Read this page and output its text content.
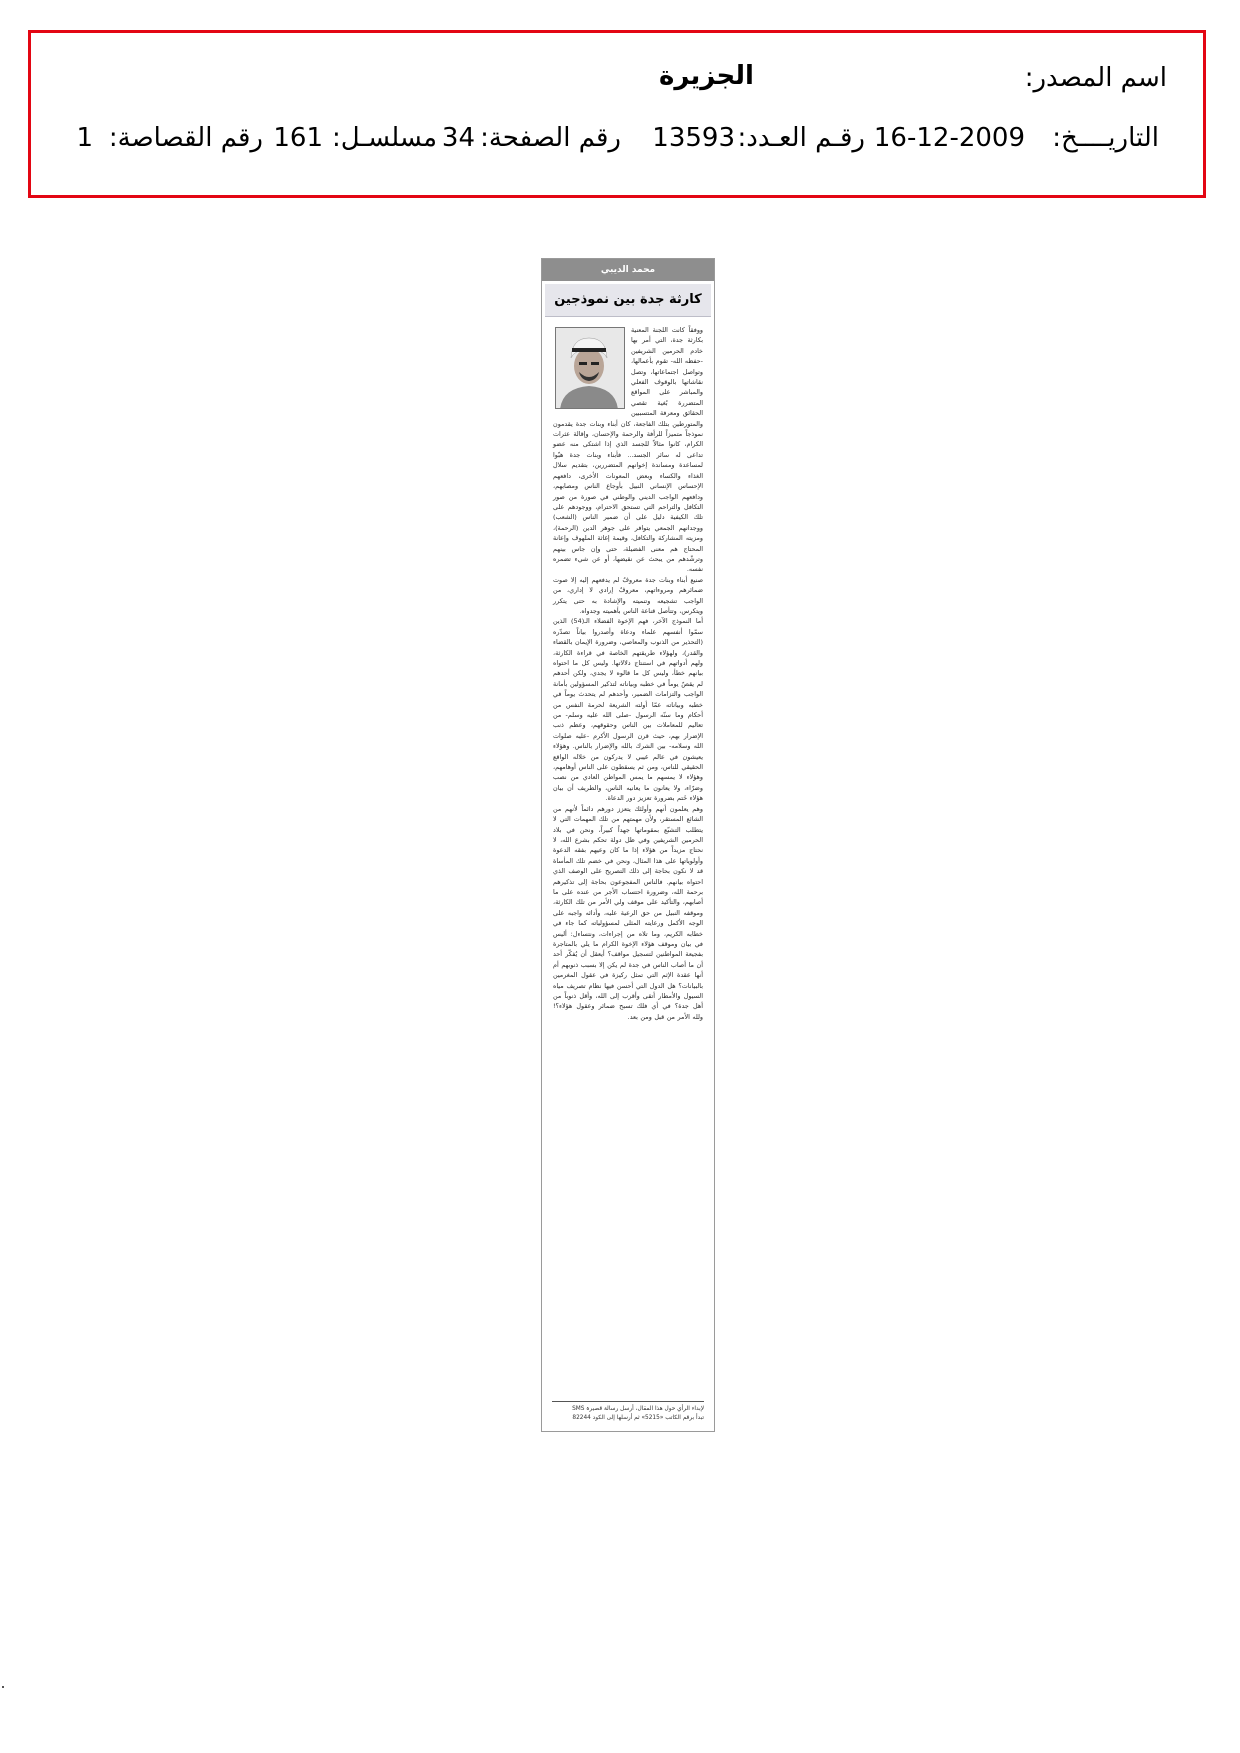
اسم المصدر:
الجزيرة
التاريــــخ:
16-12-2009
رقـم العـدد:
13593
رقم الصفحة:
34
مسلسـل:
161
رقم القصاصة:
1
محمد الديبي
كارثة جدة بين نموذجين

ووفقاً كانت اللجنة المعنية بكارثة جدة، التي أمر بها خادم الحرمين الشريفين -حفظه الله- تقوم بأعمالها، وتواصل اجتماعاتها، وتصل نقاشاتها بالوقوف الفعلي والمباشر على المواقع المتضررة بُغية تقصي الحقائق ومعرفة المتسببين والمتورطين بتلك الفاجعة، كان أبناء وبنات جدة يقدمون نموذجاً متميزاً للرأفة والرحمة والإحسان، وإقالة عثرات الكرام، كانوا مثالاً للجسد الذي إذا اشتكى منه عضو تداعى له سائر الجسد... فأبناء وبنات جدة هبّوا لمساعدة ومساندة إخوانهم المتضررين، بتقديم سلال الغذاء والكساء وبعض المعونات الأخرى، دافعهم الإحساس الإنساني النبيل بأوجاع الناس ومصابهم، ودافعهم الواجب الديني والوطني في صورة من صور التكافل والتراحم التي تستحق الاحترام، ووجودهم على تلك الكيفية دليل على أن ضمير الناس (الشعب) ووجدانهم الجمعي يتوافر على جوهر الدين (الرحمة)، ومزيته المشاركة والتكافل، وقيمة إغاثة الملهوف وإعانة المحتاج هم معنى الفضيلة، حتى وإن جاس بينهم وترشّدهم من يبحث عن نقيضها، أو عن شيء تضمره نفسه.

صنيع أبناء وبنات جدة معروفٌ لم يدفعهم إليه إلا صوت ضمائرهم ومروءاتهم، معروفٌ إرادي لا إداري، من الواجب تشجيعه وتنميته والإشادة به حتى يتكرر ويتكرس، وتتأصل قناعة الناس بأهميته وجدواه.

أما النموذج الآخر، فهم الإخوة الفضلاء الـ(54) الذين سمّوا أنفسهم علماء ودعاة وأصدروا بياناً تصدّره (التحذير من الذنوب والمعاصي، وضرورة الإيمان بالقضاء والقدر)، ولهؤلاء طريقتهم الخاصة في قراءة الكارثة، ولهم أدواتهم في استنتاج دلالاتها. وليس كل ما احتواه بيانهم خطأ، وليس كل ما قالوه لا يجدي، ولكن أحدهم لم يقصّ يوماً في خطبه وبياناته لتذكير المسؤولين بأمانة الواجب والتزامات الضمير، وأحدهم لم يتحدث يوماً في خطبه وبياناته عمّا أولته الشريعة لحرمة النفس من أحكام وما سنّه الرسول -صلى الله عليه وسلم- من تعاليم للمعاملات بين الناس وحقوقهم، وعظم ذنب الإضرار بهم، حيث قرن الرسول الأكرم -عليه صلوات الله وسلامه- بين الشرك بالله والإضرار بالناس. وهؤلاء يعيشون في عالم غيبي لا يدركون من خلاله الواقع الحقيقي للناس، ومن ثم يسقطون على الناس أوهامهم، وهؤلاء لا يمسهم ما يمس المواطن العادي من نصب وضرّاء، ولا يعانون ما يعانيه الناس، والطريف أن بيان هؤلاء خَتم بضرورة تعزيز دور الدعاة.

وهم يعلمون أنهم وأولئك يتعزز دورهم دائماً لأنهم من الشائع المستقر، ولأن مهمتهم من تلك المهمات التي لا يتطلب التشبّع بمقوماتها جهداً كبيراً، ونحن في بلاد الحرمين الشريفين وفي ظل دولة تحكم بشرع الله، لا نحتاج مزيداً من هؤلاء إذا ما كان وعيهم بفقه الدعوة وأولوياتها على هذا المثال، ونحن في خضم تلك المأساة قد لا نكون بحاجة إلى ذلك التصريح على الوصف الذي احتواه بيانهم. فالناس المفجوعون بحاجة إلى تذكيرهم برحمة الله، وضرورة احتساب الأجر من عنده على ما أصابهم، والتأكيد على موقف ولي الأمر من تلك الكارثة، وموقفه النبيل من حق الرعية عليه، وأدائه واجبه على الوجه الأكمل ورعايته المثلى لمسؤولياته كما جاء في خطابه الكريم، وما تلاه من إجراءات، ونتساءل: أليس في بيان وموقف هؤلاء الإخوة الكرام ما يلي بالمتاجرة بفجيعة المواطنين لتسجيل مواقف؟ أيعقل أن يُفكّر أحد أن ما أصاب الناس في جدة لم يكن إلا بسبب ذنوبهم أم أنها عقدة الإثم التي تمثل ركيزة في عقول المغرمين بالبيانات؟ هل الدول التي أحسن فيها نظام تصريف مياه السيول والأمطار أتقى وأقرب إلى الله، وأقل ذنوباً من أهل جدة؟ في أي فلك تسبح ضمائر وعقول هؤلاء؟! ولله الأمر من قبل ومن بعد.

لإبداء الرأي حول هذا المقال، أرسل رسالة قصيرة SMS
تبدأ برقم الكاتب «5215» ثم أرسلها إلى الكود 82244
